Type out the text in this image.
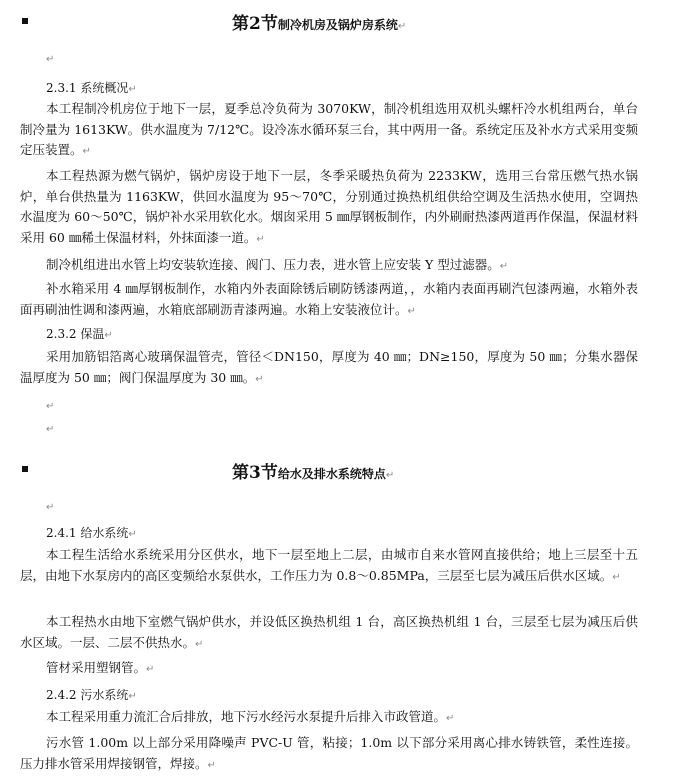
第2节制冷机房及锅炉房系统↵
↵
2.3.1 系统概况↵
本工程制冷机房位于地下一层，夏季总冷负荷为 3070KW，制冷机组选用双机头螺杆冷水机组两台，单台制冷量为 1613KW。供水温度为 7/12℃。设冷冻水循环泵三台，其中两用一备。系统定压及补水方式采用变频定压装置。↵
本工程热源为燃气锅炉，锅炉房设于地下一层，冬季采暖热负荷为 2233KW，选用三台常压燃气热水锅炉，单台供热量为 1163KW，供回水温度为 95～70℃，分别通过换热机组供给空调及生活热水使用，空调热水温度为 60～50℃，锅炉补水采用软化水。烟囱采用 5 ㎜厚钢板制作，内外刷耐热漆两道再作保温，保温材料采用 60 ㎜稀土保温材料，外抹面漆一道。↵
制冷机组进出水管上均安装软连接、阀门、压力表，进水管上应安装 Y 型过滤器。↵
补水箱采用 4 ㎜厚钢板制作，水箱内外表面除锈后刷防锈漆两道，，水箱内表面再刷汽包漆两遍，水箱外表面再刷油性调和漆两遍，水箱底部刷沥青漆两遍。水箱上安装液位计。↵
2.3.2 保温↵
采用加筋铝箔离心玻璃保温管壳，管径＜DN150，厚度为 40 ㎜；DN≥150，厚度为 50 ㎜；分集水器保温厚度为 50 ㎜；阀门保温厚度为 30 ㎜。↵
↵
↵
第3节给水及排水系统特点↵
↵
2.4.1 给水系统↵
本工程生活给水系统采用分区供水，地下一层至地上二层，由城市自来水管网直接供给；地上三层至十五层，由地下水泵房内的高区变频给水泵供水，工作压力为 0.8～0.85MPa，三层至七层为减压后供水区域。↵
本工程热水由地下室燃气锅炉供水，并设低区换热机组 1 台，高区换热机组 1 台，三层至七层为减压后供水区域。一层、二层不供热水。↵
管材采用塑钢管。↵
2.4.2 污水系统↵
本工程采用重力流汇合后排放，地下污水经污水泵提升后排入市政管道。↵
污水管 1.00m 以上部分采用降噪声 PVC-U 管，粘接；1.0m 以下部分采用离心排水铸铁管，柔性连接。压力排水管采用焊接钢管，焊接。↵
